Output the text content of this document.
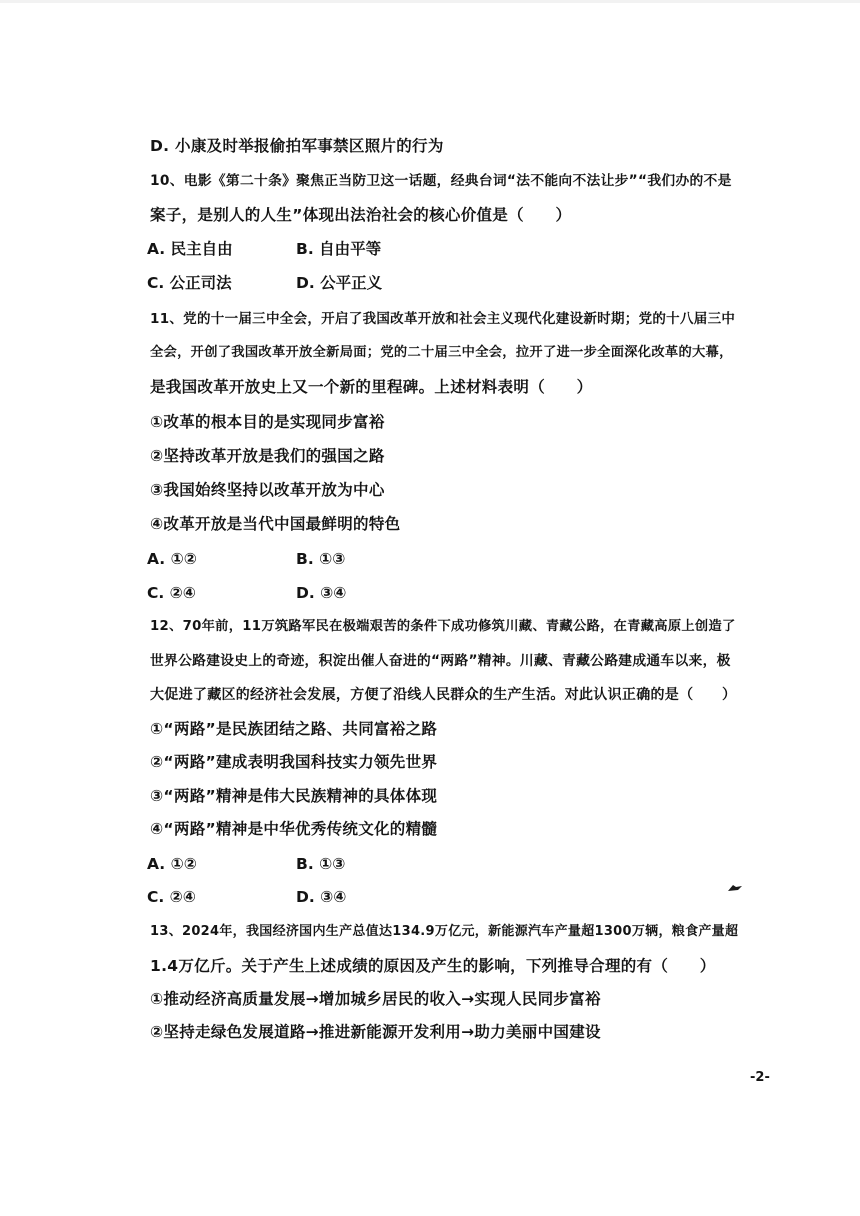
D. 小康及时举报偷拍军事禁区照片的行为
10、电影《第二十条》聚焦正当防卫这一话题，经典台词“法不能向不法让步”“我们办的不是
案子，是别人的人生”体现出法治社会的核心价值是（　　）
A. 民主自由	B. 自由平等
C. 公正司法	D. 公平正义
11、党的十一届三中全会，开启了我国改革开放和社会主义现代化建设新时期；党的十八届三中
全会，开创了我国改革开放全新局面；党的二十届三中全会，拉开了进一步全面深化改革的大幕，
是我国改革开放史上又一个新的里程碑。上述材料表明（　　）
①改革的根本目的是实现同步富裕
②坚持改革开放是我们的强国之路
③我国始终坚持以改革开放为中心
④改革开放是当代中国最鲜明的特色
A. ①②	B. ①③
C. ②④	D. ③④
12、70年前，11万筑路军民在极端艰苦的条件下成功修筑川藏、青藏公路，在青藏高原上创造了
世界公路建设史上的奇迹，积淀出催人奋进的“两路”精神。川藏、青藏公路建成通车以来，极
大促进了藏区的经济社会发展，方便了沿线人民群众的生产生活。对此认识正确的是（　　）
①“两路”是民族团结之路、共同富裕之路
②“两路”建成表明我国科技实力领先世界
③“两路”精神是伟大民族精神的具体体现
④“两路”精神是中华优秀传统文化的精髓
A. ①②	B. ①③
C. ②④	D. ③④
13、2024年，我国经济国内生产总值达134.9万亿元，新能源汽车产量超1300万辆，粮食产量超
1.4万亿斤。关于产生上述成绩的原因及产生的影响，下列推导合理的有（　　）
①推动经济高质量发展→增加城乡居民的收入→实现人民同步富裕
②坚持走绿色发展道路→推进新能源开发利用→助力美丽中国建设
-2-
